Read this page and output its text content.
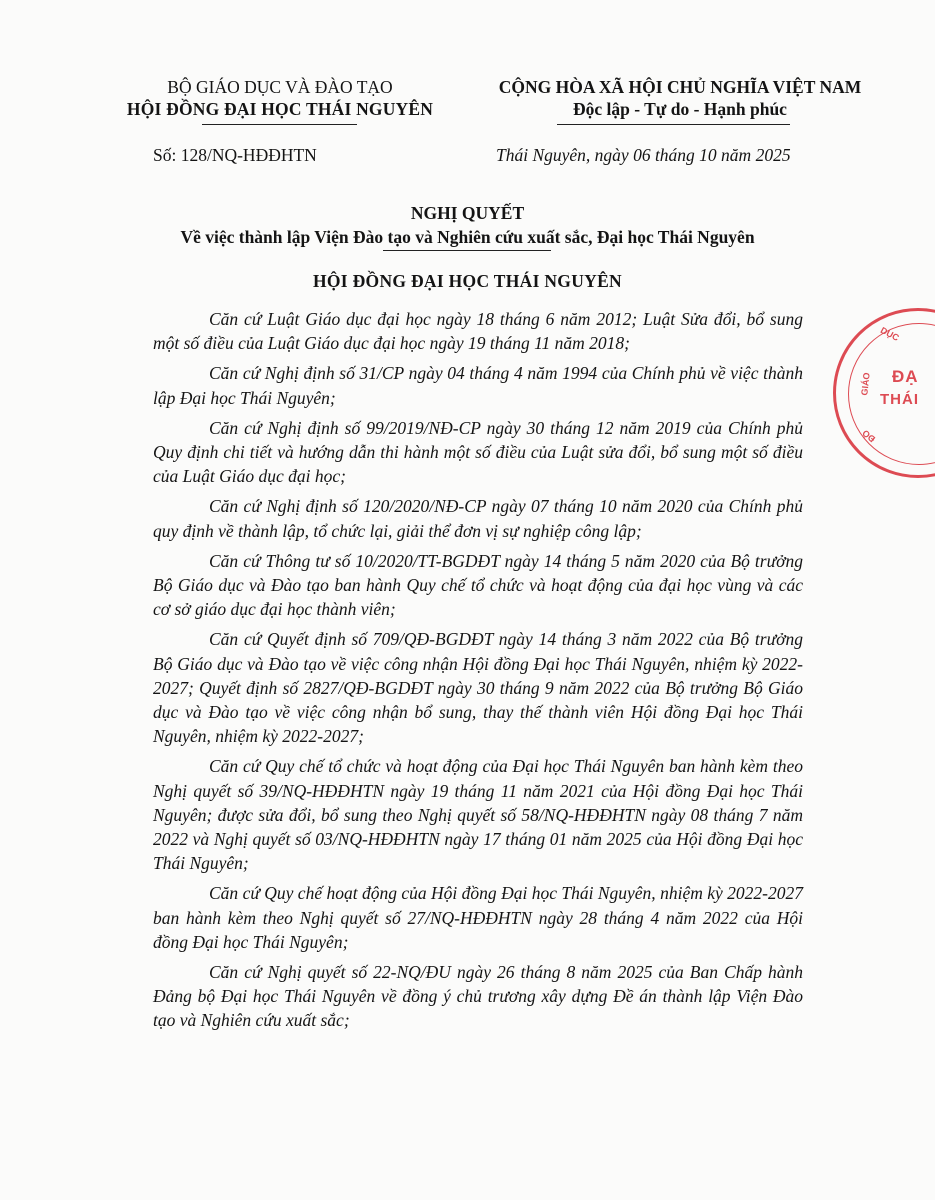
BỘ GIÁO DỤC VÀ ĐÀO TẠO
HỘI ĐỒNG ĐẠI HỌC THÁI NGUYÊN
CỘNG HÒA XÃ HỘI CHỦ NGHĨA VIỆT NAM
Độc lập - Tự do - Hạnh phúc
Số: 128/NQ-HĐĐHTN	Thái Nguyên, ngày 06 tháng 10 năm 2025
NGHỊ QUYẾT
Về việc thành lập Viện Đào tạo và Nghiên cứu xuất sắc, Đại học Thái Nguyên
HỘI ĐỒNG ĐẠI HỌC THÁI NGUYÊN

Căn cứ Luật Giáo dục đại học ngày 18 tháng 6 năm 2012; Luật Sửa đổi, bổ sung một số điều của Luật Giáo dục đại học ngày 19 tháng 11 năm 2018;

Căn cứ Nghị định số 31/CP ngày 04 tháng 4 năm 1994 của Chính phủ về việc thành lập Đại học Thái Nguyên;

Căn cứ Nghị định số 99/2019/NĐ-CP ngày 30 tháng 12 năm 2019 của Chính phủ Quy định chi tiết và hướng dẫn thi hành một số điều của Luật sửa đổi, bổ sung một số điều của Luật Giáo dục đại học;

Căn cứ Nghị định số 120/2020/NĐ-CP ngày 07 tháng 10 năm 2020 của Chính phủ quy định về thành lập, tổ chức lại, giải thể đơn vị sự nghiệp công lập;

Căn cứ Thông tư số 10/2020/TT-BGDĐT ngày 14 tháng 5 năm 2020 của Bộ trưởng Bộ Giáo dục và Đào tạo ban hành Quy chế tổ chức và hoạt động của đại học vùng và các cơ sở giáo dục đại học thành viên;

Căn cứ Quyết định số 709/QĐ-BGDĐT ngày 14 tháng 3 năm 2022 của Bộ trưởng Bộ Giáo dục và Đào tạo về việc công nhận Hội đồng Đại học Thái Nguyên, nhiệm kỳ 2022-2027; Quyết định số 2827/QĐ-BGDĐT ngày 30 tháng 9 năm 2022 của Bộ trưởng Bộ Giáo dục và Đào tạo về việc công nhận bổ sung, thay thế thành viên Hội đồng Đại học Thái Nguyên, nhiệm kỳ 2022-2027;

Căn cứ Quy chế tổ chức và hoạt động của Đại học Thái Nguyên ban hành kèm theo Nghị quyết số 39/NQ-HĐĐHTN ngày 19 tháng 11 năm 2021 của Hội đồng Đại học Thái Nguyên; được sửa đổi, bổ sung theo Nghị quyết số 58/NQ-HĐĐHTN ngày 08 tháng 7 năm 2022 và Nghị quyết số 03/NQ-HĐĐHTN ngày 17 tháng 01 năm 2025 của Hội đồng Đại học Thái Nguyên;

Căn cứ Quy chế hoạt động của Hội đồng Đại học Thái Nguyên, nhiệm kỳ 2022-2027 ban hành kèm theo Nghị quyết số 27/NQ-HĐĐHTN ngày 28 tháng 4 năm 2022 của Hội đồng Đại học Thái Nguyên;

Căn cứ Nghị quyết số 22-NQ/ĐU ngày 26 tháng 8 năm 2025 của Ban Chấp hành Đảng bộ Đại học Thái Nguyên về đồng ý chủ trương xây dựng Đề án thành lập Viện Đào tạo và Nghiên cứu xuất sắc;

DỤC
GIÁO ĐẠ
THÁI
ĐỒ
